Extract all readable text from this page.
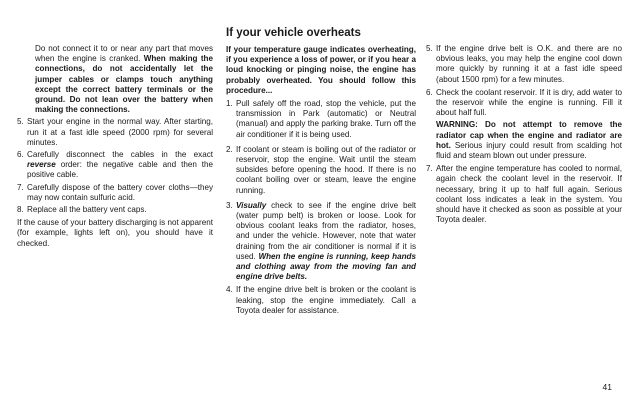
Do not connect it to or near any part that moves when the engine is cranked. When making the connections, do not accidentally let the jumper cables or clamps touch anything except the correct battery terminals or the ground. Do not lean over the battery when making the connections.

5. Start your engine in the normal way. After starting, run it at a fast idle speed (2000 rpm) for several minutes.

6. Carefully disconnect the cables in the exact reverse order: the negative cable and then the positive cable.

7. Carefully dispose of the battery cover cloths—they may now contain sulfuric acid.

8. Replace all the battery vent caps.

If the cause of your battery discharging is not apparent (for example, lights left on), you should have it checked.

If your vehicle overheats

If your temperature gauge indicates overheating, if you experience a loss of power, or if you hear a loud knocking or pinging noise, the engine has probably overheated. You should follow this procedure...

1. Pull safely off the road, stop the vehicle, put the transmission in Park (automatic) or Neutral (manual) and apply the parking brake. Turn off the air conditioner if it is being used.

2. If coolant or steam is boiling out of the radiator or reservoir, stop the engine. Wait until the steam subsides before opening the hood. If there is no coolant boiling over or steam, leave the engine running.

3. Visually check to see if the engine drive belt (water pump belt) is broken or loose. Look for obvious coolant leaks from the radiator, hoses, and under the vehicle. However, note that water draining from the air conditioner is normal if it is used. When the engine is running, keep hands and clothing away from the moving fan and engine drive belts.

4. If the engine drive belt is broken or the coolant is leaking, stop the engine immediately. Call a Toyota dealer for assistance.

5. If the engine drive belt is O.K. and there are no obvious leaks, you may help the engine cool down more quickly by running it at a fast idle speed (about 1500 rpm) for a few minutes.

6. Check the coolant reservoir. If it is dry, add water to the reservoir while the engine is running. Fill it about half full.

WARNING: Do not attempt to remove the radiator cap when the engine and radiator are hot. Serious injury could result from scalding hot fluid and steam blown out under pressure.

7. After the engine temperature has cooled to normal, again check the coolant level in the reservoir. If necessary, bring it up to half full again. Serious coolant loss indicates a leak in the system. You should have it checked as soon as possible at your Toyota dealer.

41
